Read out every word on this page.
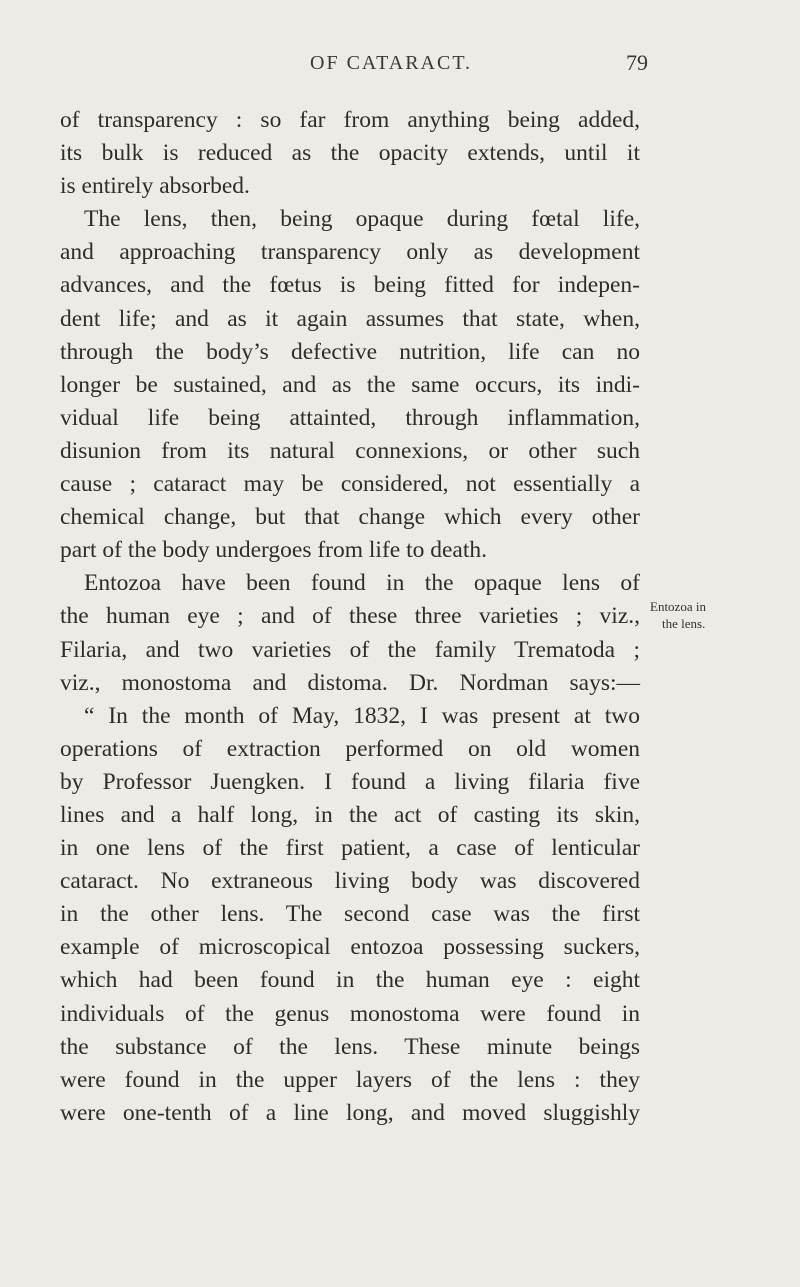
OF CATARACT.	79
of transparency : so far from anything being added,
its bulk is reduced as the opacity extends, until it
is entirely absorbed.
The lens, then, being opaque during fœtal life,
and approaching transparency only as development
advances, and the fœtus is being fitted for indepen-
dent life; and as it again assumes that state, when,
through the body’s defective nutrition, life can no
longer be sustained, and as the same occurs, its indi-
vidual life being attainted, through inflammation,
disunion from its natural connexions, or other such
cause ; cataract may be considered, not essentially a
chemical change, but that change which every other
part of the body undergoes from life to death.
Entozoa have been found in the opaque lens of
the human eye ; and of these three varieties ; viz.,
Filaria, and two varieties of the family Trematoda ;
viz., monostoma and distoma. Dr. Nordman says:—
“ In the month of May, 1832, I was present at two
operations of extraction performed on old women
by Professor Juengken. I found a living filaria five
lines and a half long, in the act of casting its skin,
in one lens of the first patient, a case of lenticular
cataract. No extraneous living body was discovered
in the other lens. The second case was the first
example of microscopical entozoa possessing suckers,
which had been found in the human eye : eight
individuals of the genus monostoma were found in
the substance of the lens. These minute beings
were found in the upper layers of the lens : they
were one-tenth of a line long, and moved sluggishly
Entozoa in
the lens.
